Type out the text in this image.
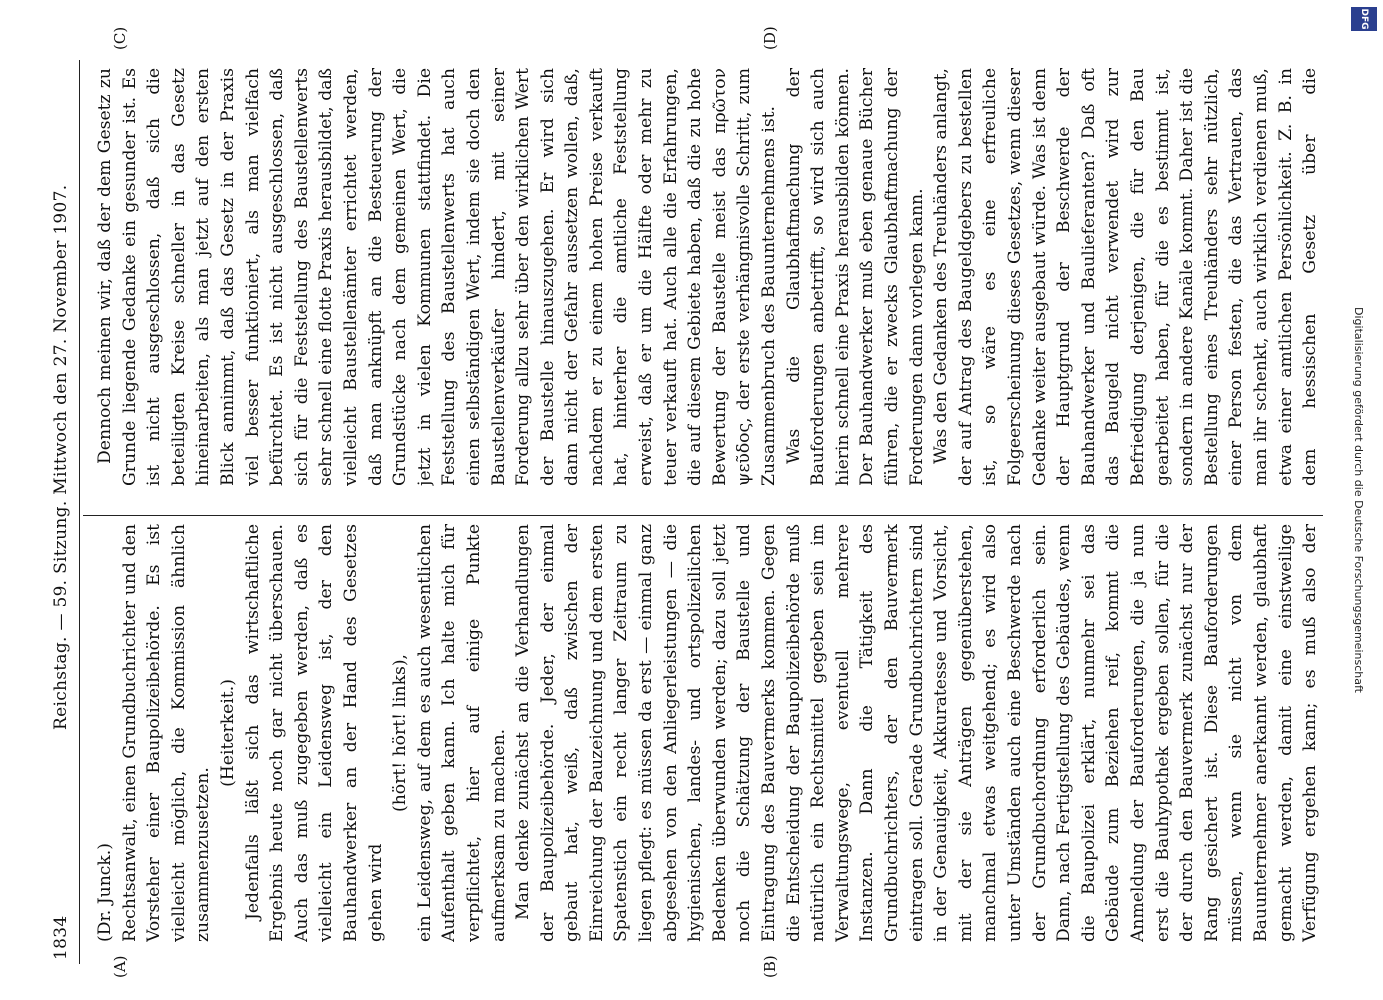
1834
Reichstag. — 59. Sitzung. Mittwoch den 27. November 1907.
(A)	(B)
(C)	(D)

(Dr. Junck.) Rechtsanwalt, einen Grundbuchrichter und den Vorsteher einer Baupolizeibehörde. Es ist vielleicht möglich, die Kommission ähnlich zusammenzusetzen.

(Heiterkeit.) Jedenfalls läßt sich das wirtschaftliche Ergebnis heute noch gar nicht überschauen. Auch das muß zugegeben werden, daß es vielleicht ein Leidensweg ist, der den Bauhandwerker an der Hand des Gesetzes gehen wird

(hört! hört! links), ein Leidensweg, auf dem es auch wesentlichen Aufenthalt geben kann. Ich halte mich für verpflichtet, hier auf einige Punkte aufmerksam zu machen. Man denke zunächst an die Verhandlungen der Baupolizeibehörde. Jeder, der einmal gebaut hat, weiß, daß zwischen der Einreichung der Bauzeichnung und dem ersten Spatenstich ein recht langer Zeitraum zu liegen pflegt: es müssen da erst — einmal ganz abgesehen von den Anliegerleistungen — die hygienischen, landes- und ortspolizeilichen Bedenken überwunden werden; dazu soll jetzt noch die Schätzung der Baustelle und Eintragung des Bauvermerks kommen. Gegen die Entscheidung der Baupolizeibehörde muß natürlich ein Rechtsmittel gegeben sein im Verwaltungswege, eventuell mehrere Instanzen. Dann die Tätigkeit des Grundbuchrichters, der den Bauvermerk eintragen soll. Gerade Grundbuchrichtern sind in der Genauigkeit, Akkuratesse und Vorsicht, mit der sie Anträgen gegenüberstehen, manchmal etwas weitgehend; es wird also unter Umständen auch eine Beschwerde nach der Grundbuchordnung erforderlich sein. Dann, nach Fertigstellung des Gebäudes, wenn die Baupolizei erklärt, nunmehr sei das Gebäude zum Beziehen reif, kommt die Anmeldung der Bauforderungen, die ja nun erst die Bauhypothek ergeben sollen, für die der durch den Bauvermerk zunächst nur der Rang gesichert ist. Diese Bauforderungen müssen, wenn sie nicht von dem Bauunternehmer anerkannt werden, glaubhaft gemacht werden, damit eine einstweilige Verfügung ergehen kann; es muß also der

Dennoch meinen wir, daß der dem Gesetz zu Grunde liegende Gedanke ein gesunder ist. Es ist nicht ausgeschlossen, daß sich die beteiligten Kreise schneller in das Gesetz hineinarbeiten, als man jetzt auf den ersten Blick annimmt, daß das Gesetz in der Praxis viel besser funktioniert, als man vielfach befürchtet. Es ist nicht ausgeschlossen, daß sich für die Feststellung des Baustellenwerts sehr schnell eine flotte Praxis herausbildet, daß vielleicht Baustellenämter errichtet werden, daß man anknüpft an die Besteuerung der Grundstücke nach dem gemeinen Wert, die jetzt in vielen Kommunen stattfindet. Die Feststellung des Baustellenwerts hat auch einen selbständigen Wert, indem sie doch den Baustellenverkäufer hindert, mit seiner Forderung allzu sehr über den wirklichen Wert der Baustelle hinauszugehen. Er wird sich dann nicht der Gefahr aussetzen wollen, daß, nachdem er zu einem hohen Preise verkauft hat, hinterher die amtliche Feststellung erweist, daß er um die Hälfte oder mehr zu teuer verkauft hat. Auch alle die Erfahrungen, die auf diesem Gebiete haben, daß die zu hohe Bewertung der Baustelle meist das πρῶτον ψεῦδος, der erste verhängnisvolle Schritt, zum Zusammenbruch des Bauunternehmens ist. Was die Glaubhaftmachung der Bauforderungen anbetrifft, so wird sich auch hierin schnell eine Praxis herausbilden können. Der Bauhandwerker muß eben genaue Bücher führen, die er zwecks Glaubhaftmachung der Forderungen dann vorlegen kann. Was den Gedanken des Treuhänders anlangt, der auf Antrag des Baugeldgebers zu bestellen ist, so wäre es eine erfreuliche Folgeerscheinung dieses Gesetzes, wenn dieser Gedanke weiter ausgebaut würde. Was ist denn der Hauptgrund der Beschwerde der Bauhandwerker und Baulieferanten? Daß oft das Baugeld nicht verwendet wird zur Befriedigung derjenigen, die für den Bau gearbeitet haben, für die es bestimmt ist, sondern in andere Kanäle kommt. Daher ist die Bestellung eines Treuhänders sehr nützlich, einer Person festen, die das Vertrauen, das man ihr schenkt, auch wirklich verdienen muß, etwa einer amtlichen Persönlichkeit. Z. B. in dem hessischen Gesetz über die

Digitalisierung gefördert durch die Deutsche Forschungsgemeinschaft
DFG
